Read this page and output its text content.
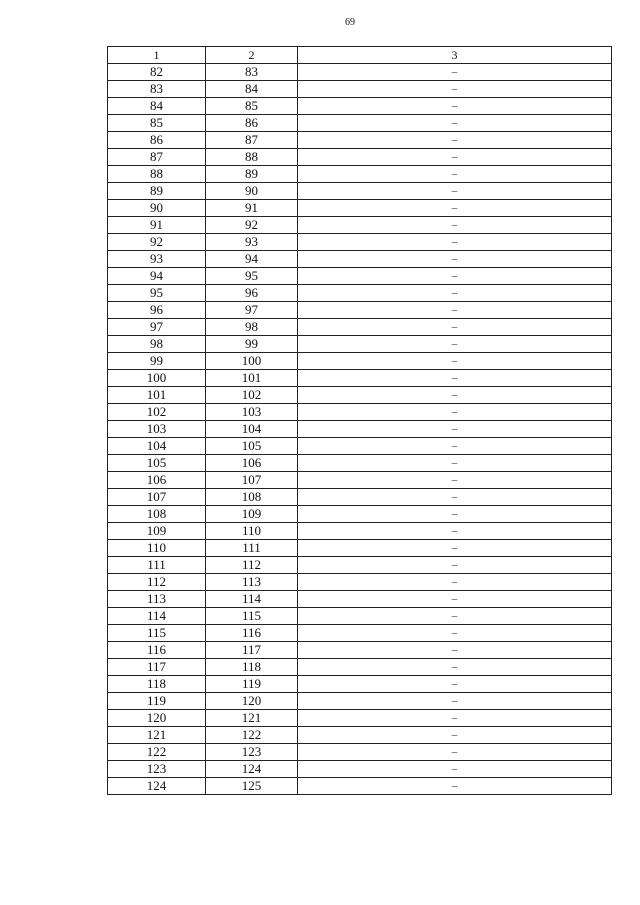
69
1	2	3
82	83	–
83	84	–
84	85	–
85	86	–
86	87	–
87	88	–
88	89	–
89	90	–
90	91	–
91	92	–
92	93	–
93	94	–
94	95	–
95	96	–
96	97	–
97	98	–
98	99	–
99	100	–
100	101	–
101	102	–
102	103	–
103	104	–
104	105	–
105	106	–
106	107	–
107	108	–
108	109	–
109	110	–
110	111	–
111	112	–
112	113	–
113	114	–
114	115	–
115	116	–
116	117	–
117	118	–
118	119	–
119	120	–
120	121	–
121	122	–
122	123	–
123	124	–
124	125	–
